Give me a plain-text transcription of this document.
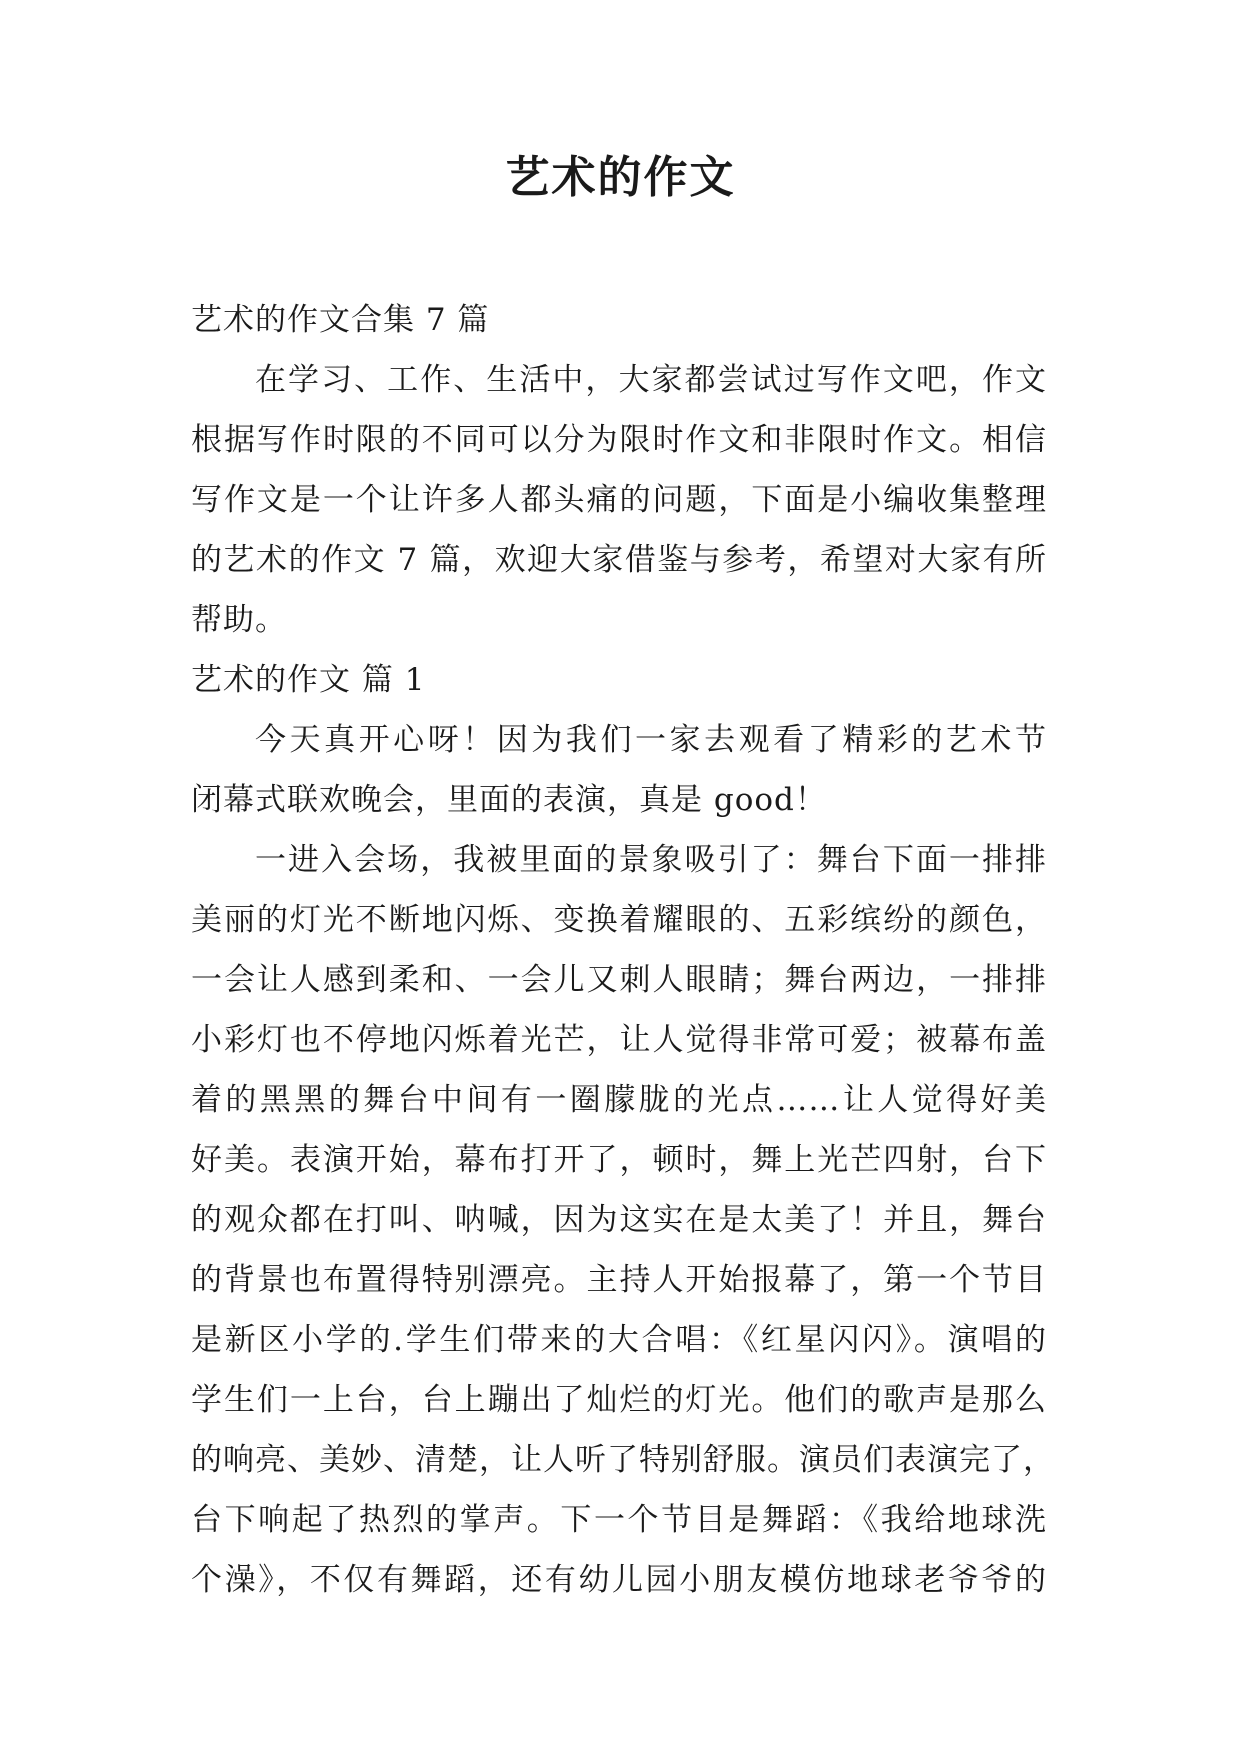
艺术的作文

艺术的作文合集 7 篇

在学习、工作、生活中，大家都尝试过写作文吧，作文

根据写作时限的不同可以分为限时作文和非限时作文。相信

写作文是一个让许多人都头痛的问题，下面是小编收集整理

的艺术的作文 7 篇，欢迎大家借鉴与参考，希望对大家有所

帮助。

艺术的作文 篇 1

今天真开心呀！因为我们一家去观看了精彩的艺术节

闭幕式联欢晚会，里面的表演，真是 good！

一进入会场，我被里面的景象吸引了：舞台下面一排排

美丽的灯光不断地闪烁、变换着耀眼的、五彩缤纷的颜色，

一会让人感到柔和、一会儿又刺人眼睛；舞台两边，一排排

小彩灯也不停地闪烁着光芒，让人觉得非常可爱；被幕布盖

着的黑黑的舞台中间有一圈朦胧的光点……让人觉得好美

好美。表演开始，幕布打开了，顿时，舞上光芒四射，台下

的观众都在打叫、呐喊，因为这实在是太美了！并且，舞台

的背景也布置得特别漂亮。主持人开始报幕了，第一个节目

是新区小学的.学生们带来的大合唱：《红星闪闪》。演唱的

学生们一上台，台上蹦出了灿烂的灯光。他们的歌声是那么

的响亮、美妙、清楚，让人听了特别舒服。演员们表演完了，

台下响起了热烈的掌声。下一个节目是舞蹈：《我给地球洗

个澡》，不仅有舞蹈，还有幼儿园小朋友模仿地球老爷爷的
